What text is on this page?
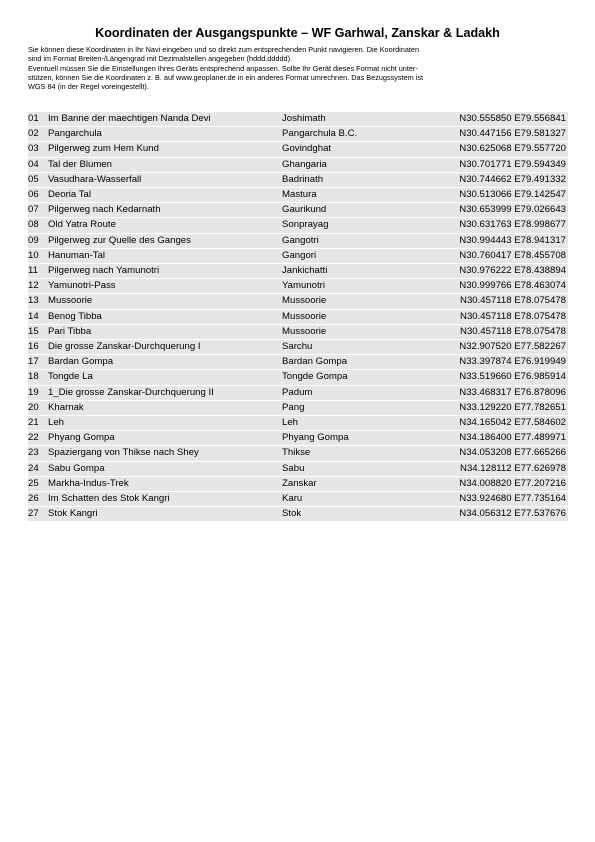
Koordinaten der Ausgangspunkte – WF Garhwal, Zanskar & Ladakh
Sie können diese Koordinaten in Ihr Navi eingeben und so direkt zum entsprechenden Punkt navigieren. Die Koordinaten
sind im Format Breiten-/Längengrad mit Dezimalstellen angegeben (hddd.ddddd).
Eventuell müssen Sie die Einstellungen Ihres Geräts entsprechend anpassen. Sollte Ihr Gerät dieses Format nicht unter-
stützen, können Sie die Koordinaten z. B. auf www.geoplaner.de in ein anderes Format umrechnen. Das Bezugssystem ist
WGS 84 (in der Regel voreingestellt).
01	Im Banne der maechtigen Nanda Devi	Joshimath	N30.555850 E79.556841
02	Pangarchula	Pangarchula B.C.	N30.447156 E79.581327
03	Pilgerweg zum Hem Kund	Govindghat	N30.625068 E79.557720
04	Tal der Blumen	Ghangaria	N30.701771 E79.594349
05	Vasudhara-Wasserfall	Badrinath	N30.744662 E79.491332
06	Deoria Tal	Mastura	N30.513066 E79.142547
07	Pilgerweg nach Kedarnath	Gaurikund	N30.653999 E79.026643
08	Old Yatra Route	Sonprayag	N30.631763 E78.998677
09	Pilgerweg zur Quelle des Ganges	Gangotri	N30.994443 E78.941317
10	Hanuman-Tal	Gangori	N30.760417 E78.455708
11	Pilgerweg nach Yamunotri	Jankichatti	N30.976222 E78.438894
12	Yamunotri-Pass	Yamunotri	N30.999766 E78.463074
13	Mussoorie	Mussoorie	N30.457118 E78.075478
14	Benog Tibba	Mussoorie	N30.457118 E78.075478
15	Pari Tibba	Mussoorie	N30.457118 E78.075478
16	Die grosse Zanskar-Durchquerung I	Sarchu	N32.907520 E77.582267
17	Bardan Gompa	Bardan Gompa	N33.397874 E76.919949
18	Tongde La	Tongde Gompa	N33.519660 E76.985914
19	1_Die grosse Zanskar-Durchquerung II	Padum	N33.468317 E76.878096
20	Kharnak	Pang	N33.129220 E77.782651
21	Leh	Leh	N34.165042 E77.584602
22	Phyang Gompa	Phyang Gompa	N34.186400 E77.489971
23	Spaziergang von Thikse nach Shey	Thikse	N34.053208 E77.665266
24	Sabu Gompa	Sabu	N34.128112 E77.626978
25	Markha-Indus-Trek	Zanskar	N34.008820 E77.207216
26	Im Schatten des Stok Kangri	Karu	N33.924680 E77.735164
27	Stok Kangri	Stok	N34.056312 E77.537676
